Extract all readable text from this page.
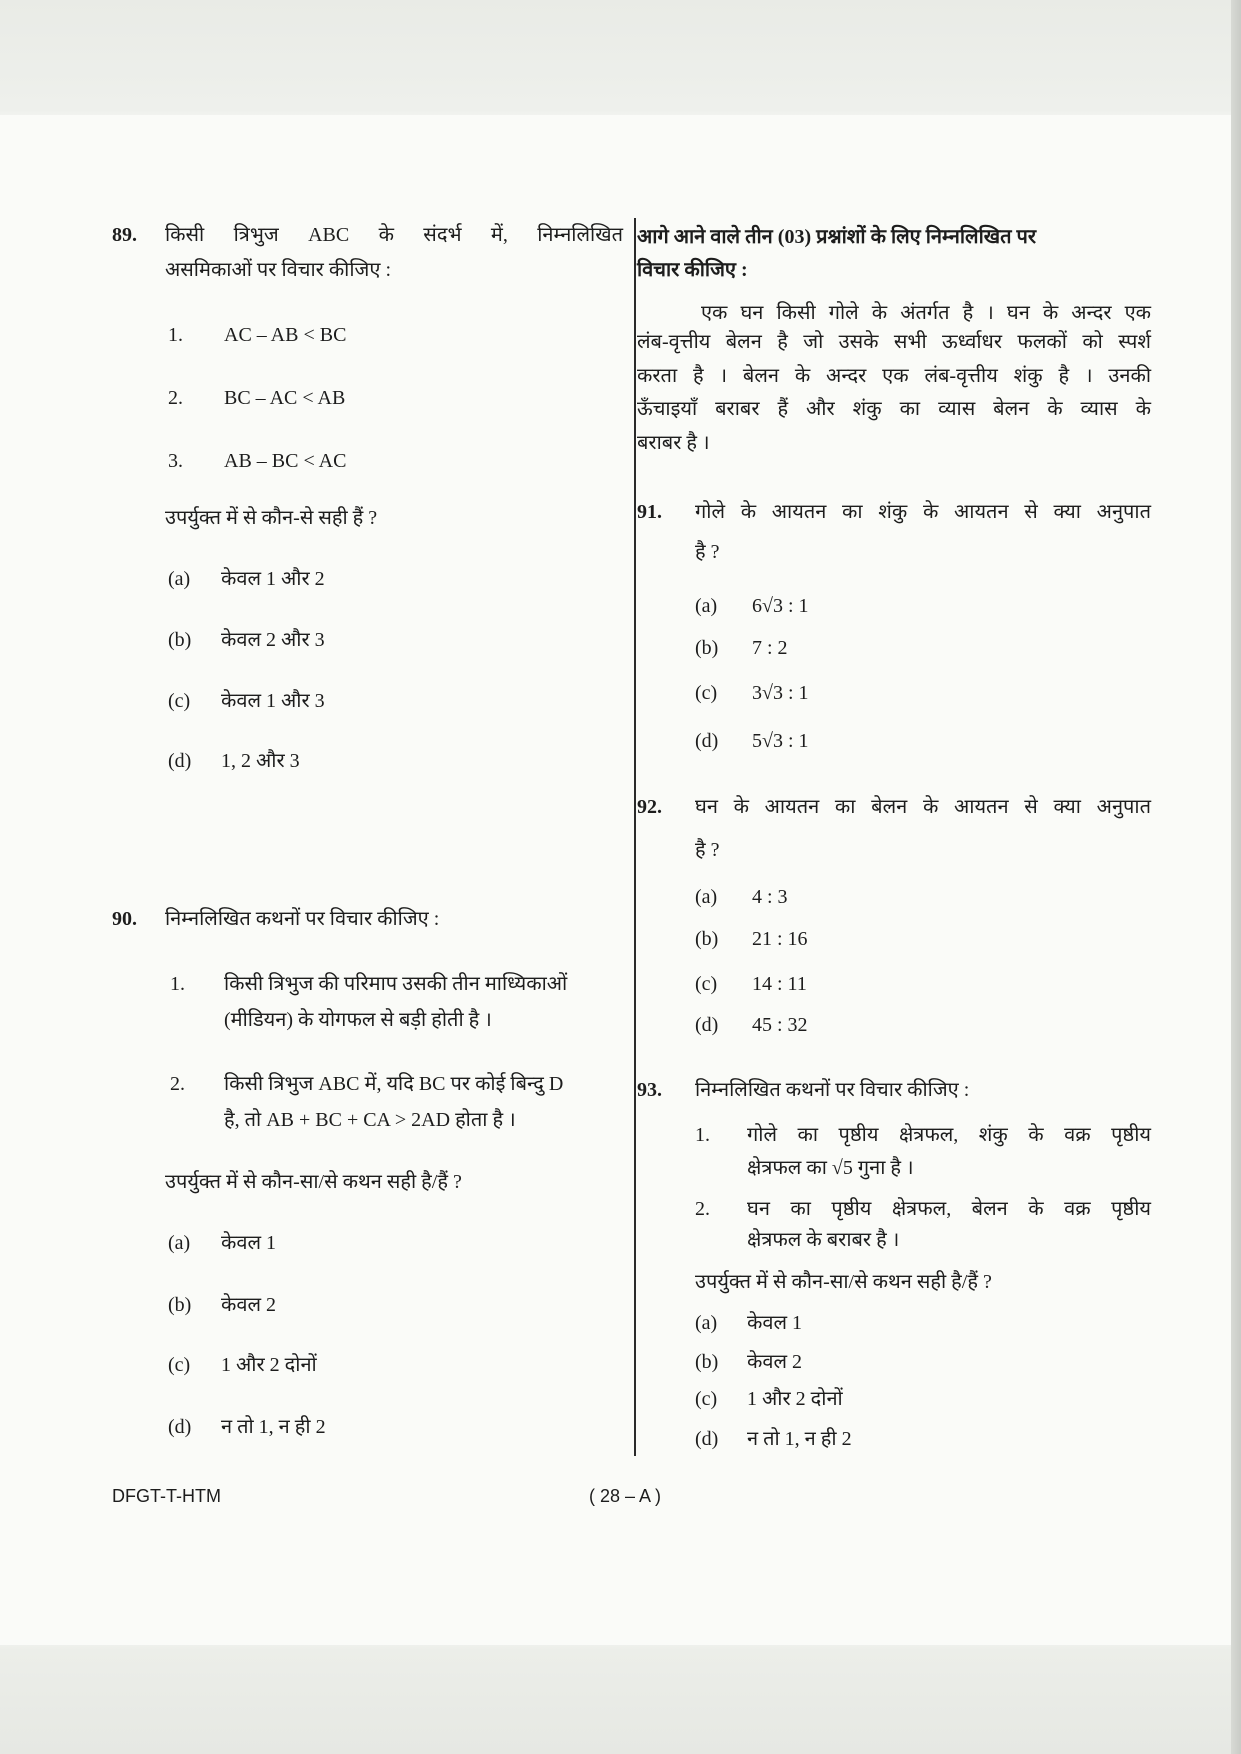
89. किसी त्रिभुज ABC के संदर्भ में, निम्नलिखित
असमिकाओं पर विचार कीजिए :
1. AC – AB < BC
2. BC – AC < AB
3. AB – BC < AC
उपर्युक्त में से कौन-से सही हैं ?
(a) केवल 1 और 2
(b) केवल 2 और 3
(c) केवल 1 और 3
(d) 1, 2 और 3
90. निम्नलिखित कथनों पर विचार कीजिए :
1. किसी त्रिभुज की परिमाप उसकी तीन माध्यिकाओं
(मीडियन) के योगफल से बड़ी होती है ।
2. किसी त्रिभुज ABC में, यदि BC पर कोई बिन्दु D
है, तो AB + BC + CA > 2AD होता है ।
उपर्युक्त में से कौन-सा/से कथन सही है/हैं ?
(a) केवल 1
(b) केवल 2
(c) 1 और 2 दोनों
(d) न तो 1, न ही 2
आगे आने वाले तीन (03) प्रश्नांशों के लिए निम्नलिखित पर
विचार कीजिए :
एक घन किसी गोले के अंतर्गत है । घन के अन्दर एक
लंब-वृत्तीय बेलन है जो उसके सभी ऊर्ध्वाधर फलकों को स्पर्श
करता है । बेलन के अन्दर एक लंब-वृत्तीय शंकु है । उनकी
ऊँचाइयाँ बराबर हैं और शंकु का व्यास बेलन के व्यास के
बराबर है ।
91. गोले के आयतन का शंकु के आयतन से क्या अनुपात
है ?
(a) 6√3 : 1
(b) 7 : 2
(c) 3√3 : 1
(d) 5√3 : 1
92. घन के आयतन का बेलन के आयतन से क्या अनुपात
है ?
(a) 4 : 3
(b) 21 : 16
(c) 14 : 11
(d) 45 : 32
93. निम्नलिखित कथनों पर विचार कीजिए :
1. गोले का पृष्ठीय क्षेत्रफल, शंकु के वक्र पृष्ठीय
क्षेत्रफल का √5 गुना है ।
2. घन का पृष्ठीय क्षेत्रफल, बेलन के वक्र पृष्ठीय
क्षेत्रफल के बराबर है ।
उपर्युक्त में से कौन-सा/से कथन सही है/हैं ?
(a) केवल 1
(b) केवल 2
(c) 1 और 2 दोनों
(d) न तो 1, न ही 2
DFGT-T-HTM	( 28 – A )
